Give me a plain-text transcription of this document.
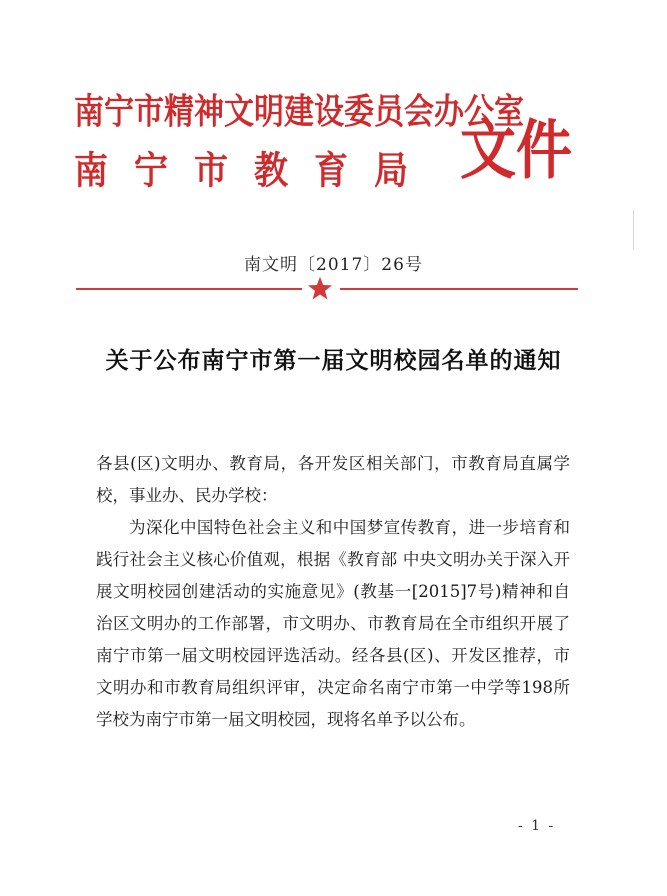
南宁市精神文明建设委员会办公室
南宁市教育局 文件
南文明〔2017〕26号
关于公布南宁市第一届文明校园名单的通知

各县(区)文明办、教育局，各开发区相关部门，市教育局直属学校，事业办、民办学校：

为深化中国特色社会主义和中国梦宣传教育，进一步培育和践行社会主义核心价值观，根据《教育部 中央文明办关于深入开展文明校园创建活动的实施意见》(教基一[2015]7号)精神和自治区文明办的工作部署，市文明办、市教育局在全市组织开展了南宁市第一届文明校园评选活动。经各县(区)、开发区推荐，市文明办和市教育局组织评审，决定命名南宁市第一中学等198所学校为南宁市第一届文明校园，现将名单予以公布。

- 1 -
